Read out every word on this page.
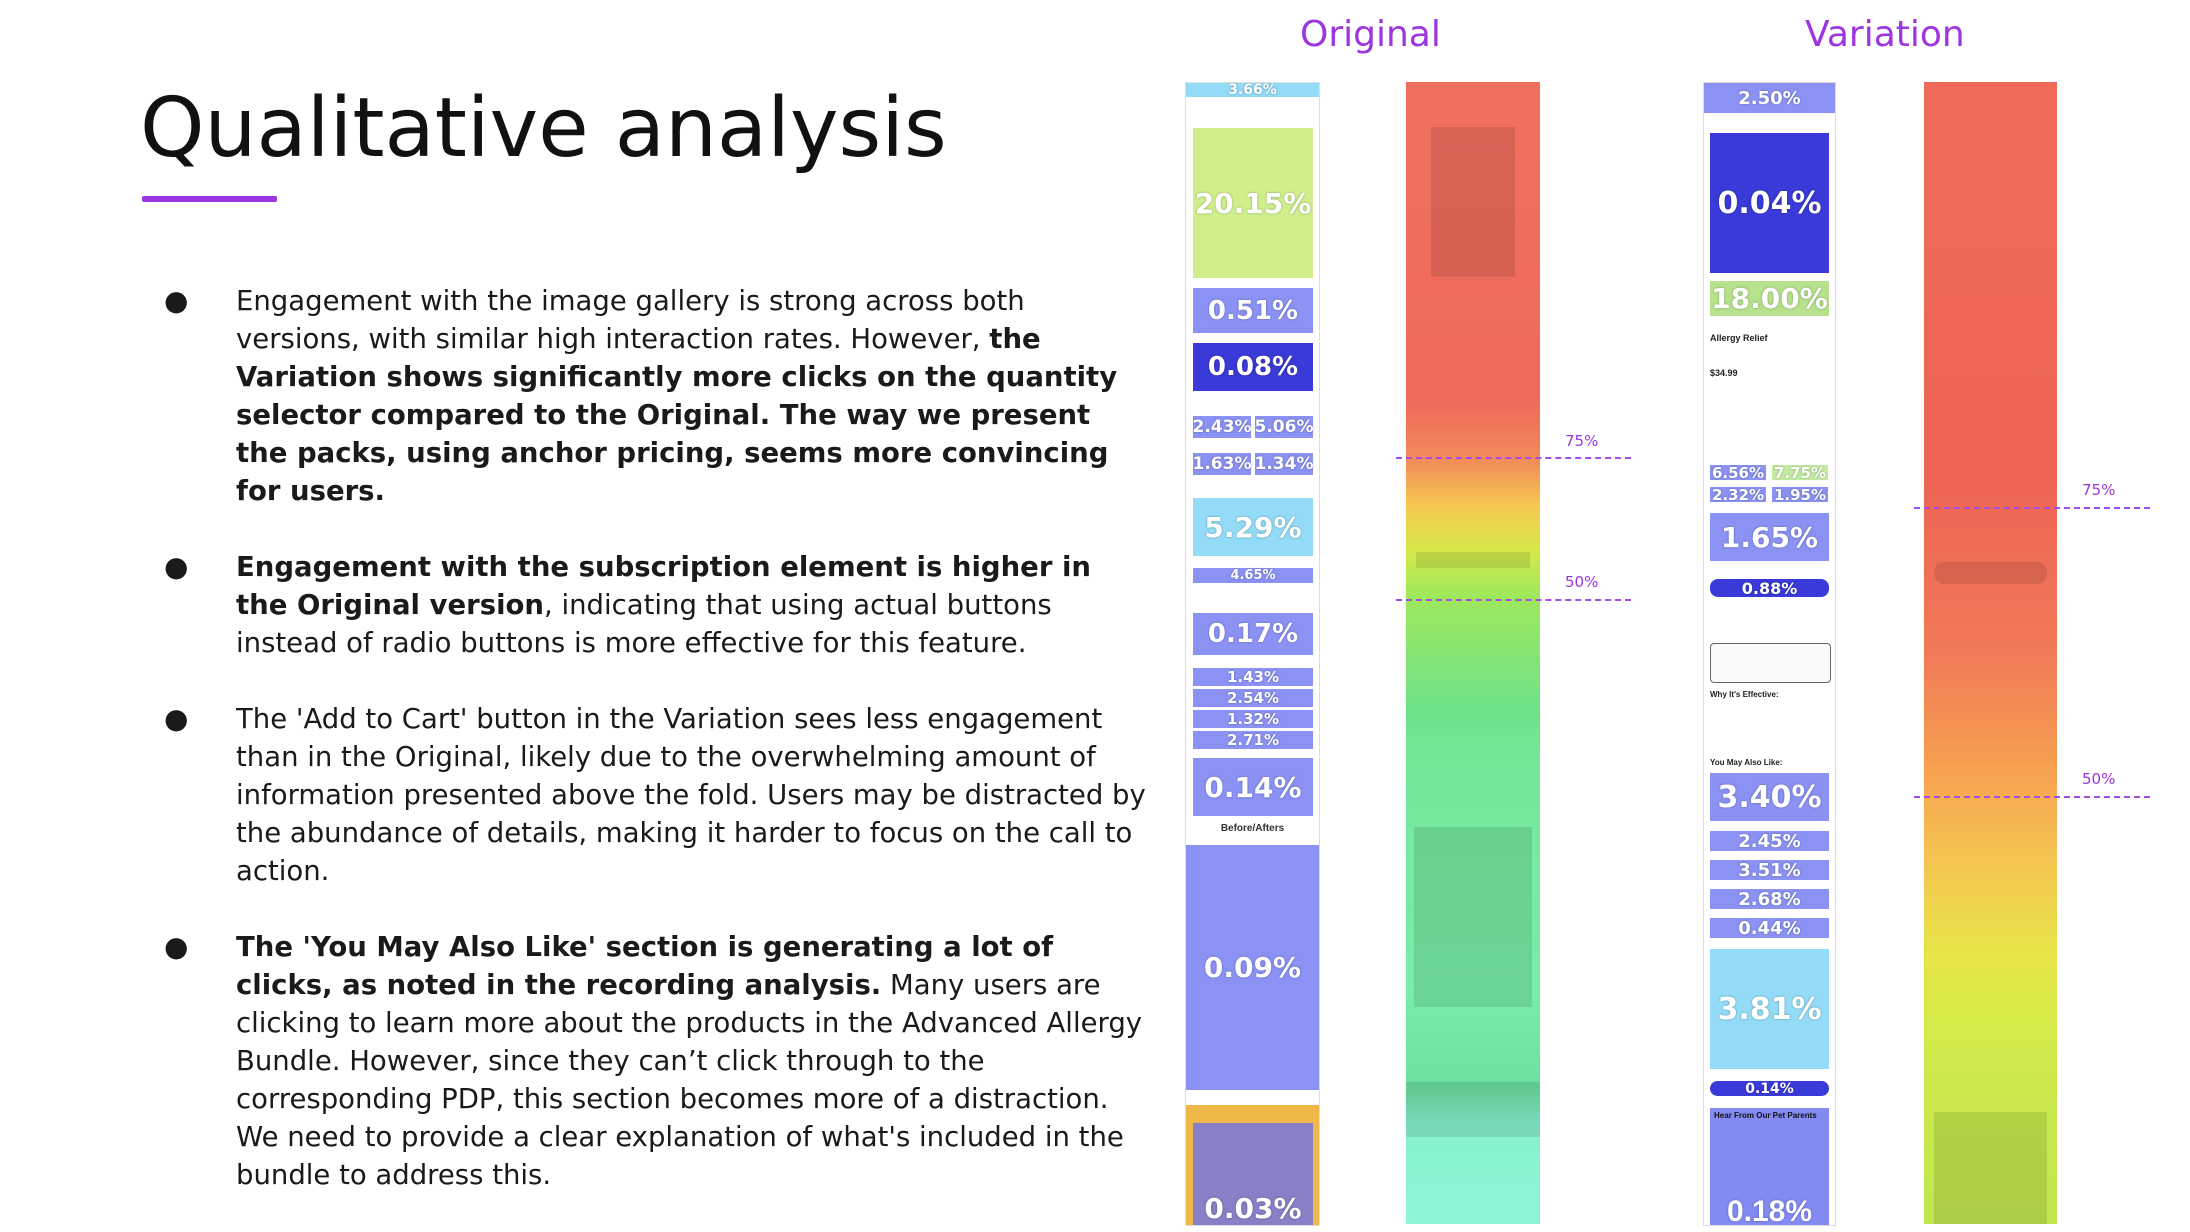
Qualitative analysis
● Engagement with the image gallery is strong across both versions, with similar high interaction rates. However, the Variation shows significantly more clicks on the quantity selector compared to the Original. The way we present the packs, using anchor pricing, seems more convincing for users.
● Engagement with the subscription element is higher in the Original version, indicating that using actual buttons instead of radio buttons is more effective for this feature.
● The 'Add to Cart' button in the Variation sees less engagement than in the Original, likely due to the overwhelming amount of information presented above the fold. Users may be distracted by the abundance of details, making it harder to focus on the call to action.
● The 'You May Also Like' section is generating a lot of clicks, as noted in the recording analysis. Many users are clicking to learn more about the products in the Advanced Allergy Bundle. However, since they can’t click through to the corresponding PDP, this section becomes more of a distraction. We need to provide a clear explanation of what's included in the bundle to address this.
Original	Variation
3.66%
20.15%
0.51%
0.08%
2.43% 5.06%
1.63% 1.34%
5.29%
4.65%
0.17%
1.43%
2.54%
1.32%
2.71%
0.14%
Before/Afters
0.09%
0.03%
75%
50%
2.50%
0.04%
18.00%
Allergy Relief
$34.99
6.56% 7.75%
2.32% 1.95%
1.65%
0.88%
Why It's Effective:
You May Also Like:
3.40%
2.45%
3.51%
2.68%
0.44%
3.81%
0.14%
Hear From Our Pet Parents
0.18%
75%
50%
